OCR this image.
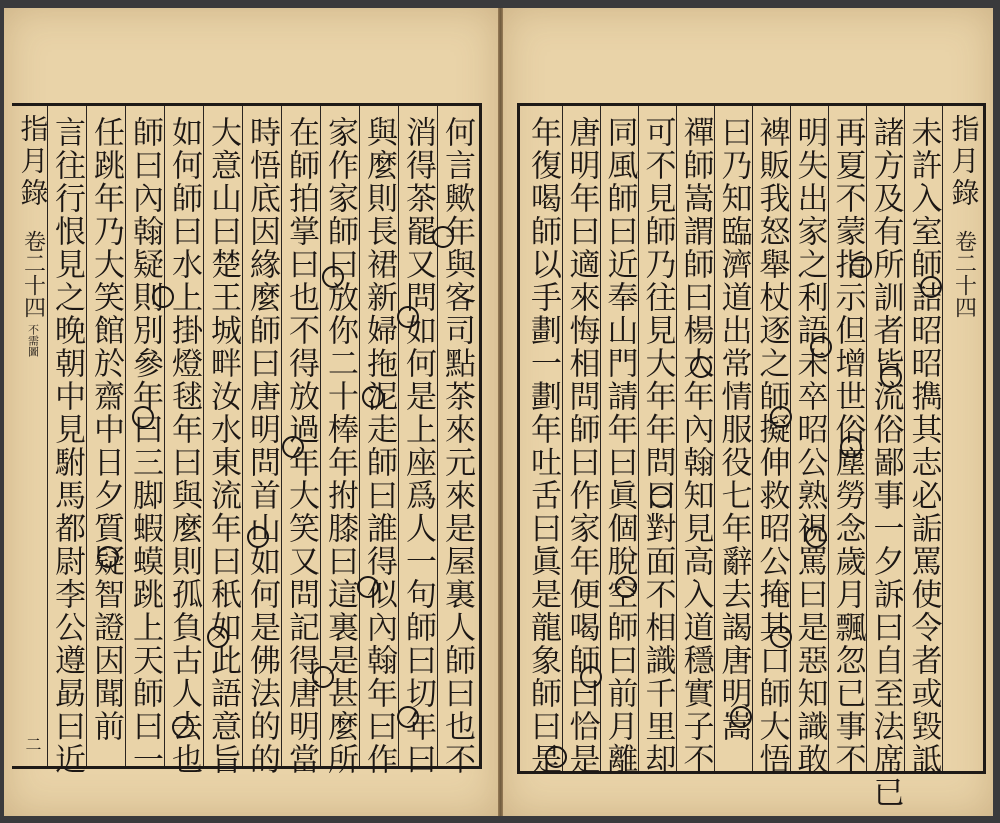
指月錄
卷二十四
不需圖
二	何言歟年與客司點茶來元來是屋裏人師曰也不
消得茶罷又問如何是上座爲人一句師曰切年曰
與麼則長裙新婦拖泥走師曰誰得似內翰年曰作
家作家師曰放你二十棒年拊膝曰這裏是甚麼所
在師拍掌曰也不得放過年大笑又問記得唐明當
時悟底因緣麼師曰唐明問首山如何是佛法的的
大意山曰楚王城畔汝水東流年曰秖如此語意旨
如何師曰水上掛燈毬年曰與麼則孤負古人去也
師曰內翰疑則別參年曰三脚蝦蟆跳上天師曰一
任跳年乃大笑館於齋中日夕質疑智證因聞前
言往行恨見之晚朝中見駙馬都尉李公遵勗曰近	指月錄
卷二十四
未許入室師詰昭昭擕其志必詬罵使令者或毀詆
諸方及有所訓者皆流俗鄙事一夕訴曰自至法席已
再夏不蒙指示但增世俗塵勞念歲月飄忽已事不
明失出家之利語未卒昭公熟視罵曰是惡知識敢
裨販我怒舉杖逐之師擬伸救昭公掩其口師大悟
曰乃知臨濟道出常情服役七年辭去謁唐明嵩
禪師嵩謂師曰楊大年內翰知見高入道穩實子不
可不見師乃往見大年年問曰對面不相識千里却
同風師曰近奉山門請年曰眞個脫空師曰前月離
唐明年曰適來悔相問師曰作家年便喝師曰恰是
年復喝師以手劃一劃年吐舌曰眞是龍象師曰是
